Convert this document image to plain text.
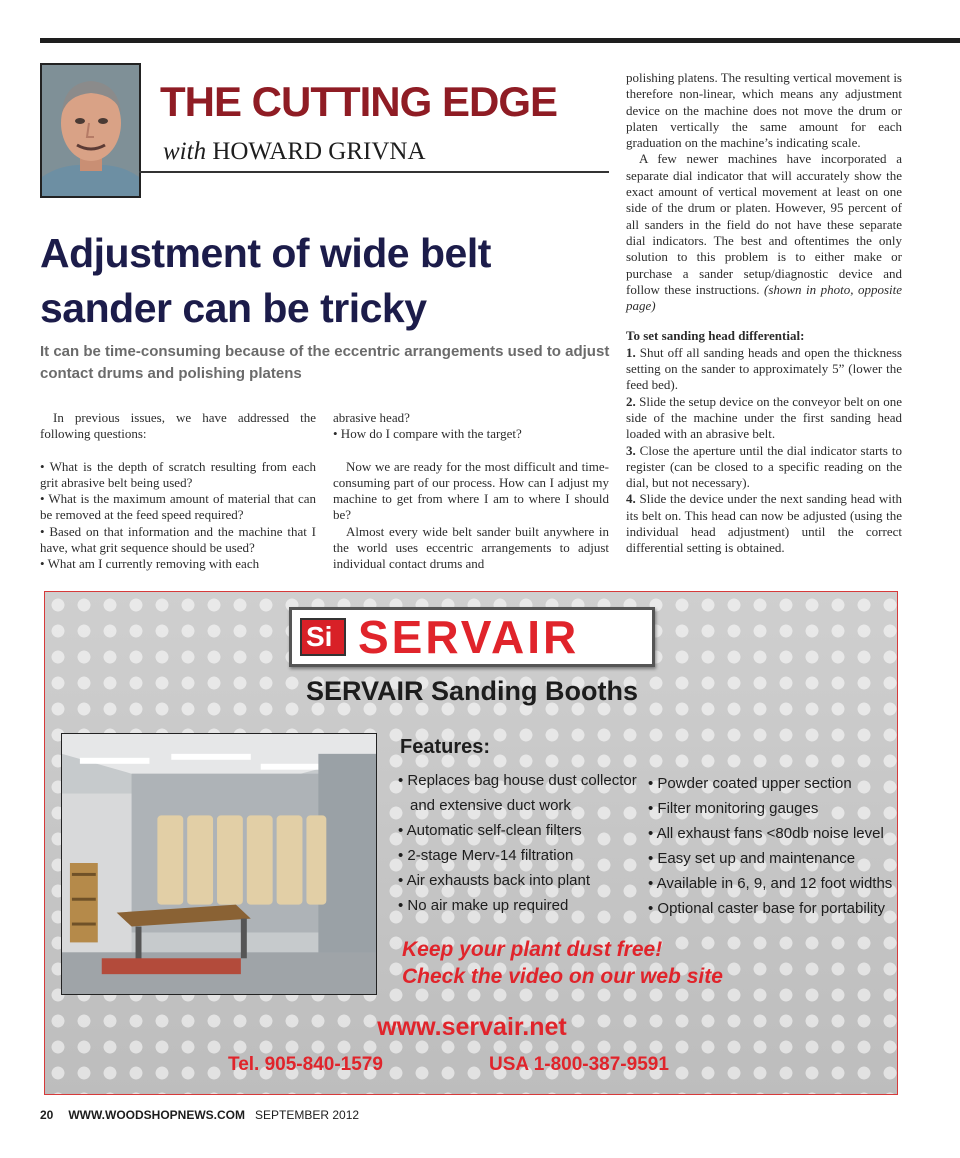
THE CUTTING EDGE
with HOWARD GRIVNA
Adjustment of wide belt sander can be tricky
It can be time-consuming because of the eccentric arrangements used to adjust contact drums and polishing platens

In previous issues, we have addressed the following questions:

• What is the depth of scratch resulting from each grit abrasive belt being used?

• What is the maximum amount of material that can be removed at the feed speed required?

• Based on that information and the machine that I have, what grit sequence should be used?

• What am I currently removing with each

abrasive head?

• How do I compare with the target?

Now we are ready for the most difficult and time-consuming part of our process. How can I adjust my machine to get from where I am to where I should be?

Almost every wide belt sander built anywhere in the world uses eccentric arrangements to adjust individual contact drums and

polishing platens. The resulting vertical movement is therefore non-linear, which means any adjustment device on the machine does not move the drum or platen vertically the same amount for each graduation on the machine’s indicating scale.

A few newer machines have incorporated a separate dial indicator that will accurately show the exact amount of vertical movement at least on one side of the drum or platen. However, 95 percent of all sanders in the field do not have these separate dial indicators. The best and oftentimes the only solution to this problem is to either make or purchase a sander setup/diagnostic device and follow these instructions. (shown in photo, opposite page)

To set sanding head differential:

1. Shut off all sanding heads and open the thickness setting on the sander to approximately 5” (lower the feed bed).

2. Slide the setup device on the conveyor belt on one side of the machine under the first sanding head loaded with an abrasive belt.

3. Close the aperture until the dial indicator starts to register (can be closed to a specific reading on the dial, but not necessary).

4. Slide the device under the next sanding head with its belt on. This head can now be adjusted (using the individual head adjustment) until the correct differential setting is obtained.

Si SERVAIR
SERVAIR Sanding Booths
Features:
• Replaces bag house dust collector
and extensive duct work
• Automatic self-clean filters
• 2-stage Merv-14 filtration
• Air exhausts back into plant
• No air make up required
• Powder coated upper section
• Filter monitoring gauges
• All exhaust fans <80db noise level
• Easy set up and maintenance
• Available in 6, 9, and 12 foot widths
• Optional caster base for portability
Keep your plant dust free!
Check the video on our web site
www.servair.net
Tel. 905-840-1579	USA 1-800-387-9591
20 WWW.WOODSHOPNEWS.COM SEPTEMBER 2012
